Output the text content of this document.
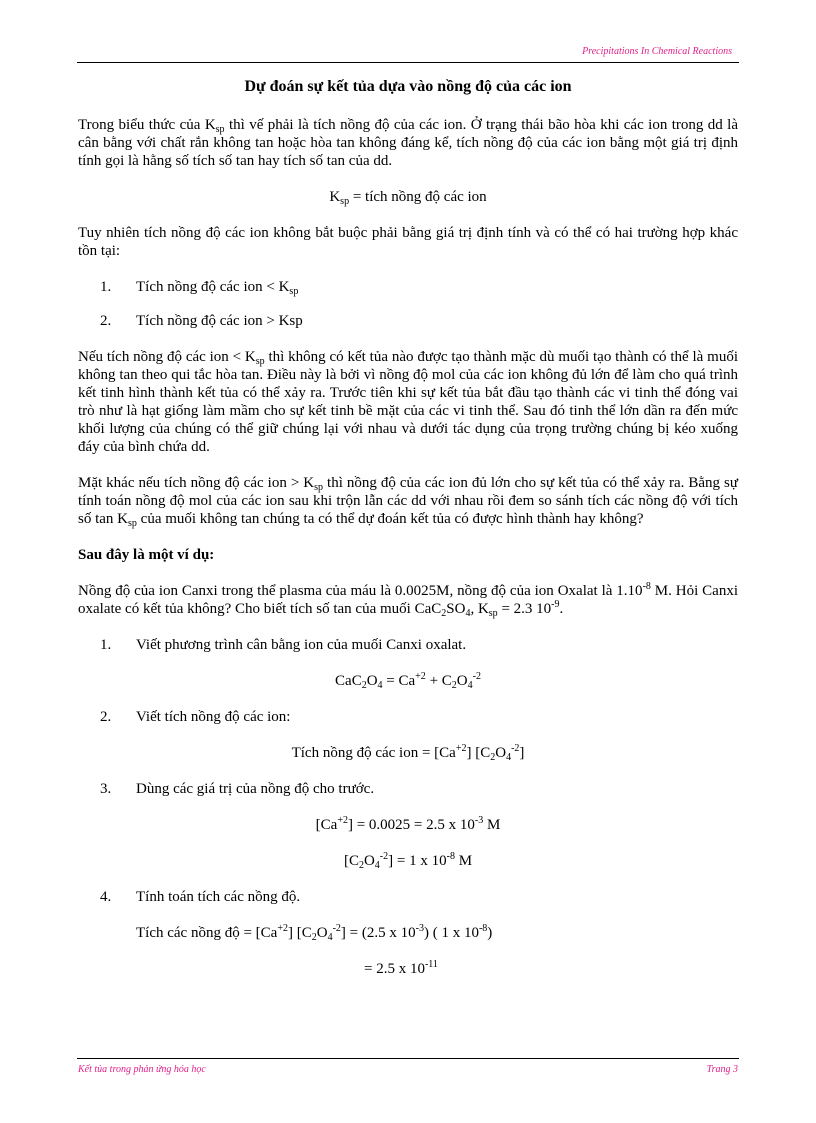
Precipitations In Chemical Reactions
Dự đoán sự kết tủa dựa vào nồng độ của các ion

Trong biểu thức của $K_{sp}$ thì vế phải là tích nồng độ của các ion. Ở trạng thái bão hòa khi các ion trong dd là cân bằng với chất rắn không tan hoặc hòa tan không đáng kể, tích nồng độ của các ion bằng một giá trị định tính gọi là hằng số tích số tan hay tích số tan của dd.

$K_{sp}$ = tích nồng độ các ion

Tuy nhiên tích nồng độ các ion không bắt buộc phải bằng giá trị định tính và có thể có hai trường hợp khác tồn tại:

1.	Tích nồng độ các ion < $K_{sp}$

2.	Tích nồng độ các ion > Ksp

Nếu tích nồng độ các ion < $K_{sp}$ thì không có kết tủa nào được tạo thành mặc dù muối tạo thành có thể là muối không tan theo qui tắc hòa tan. Điều này là bởi vì nồng độ mol của các ion không đủ lớn để làm cho quá trình kết tinh hình thành kết tủa có thể xảy ra. Trước tiên khi sự kết tủa bắt đầu tạo thành các vi tinh thể đóng vai trò như là hạt giống làm mầm cho sự kết tinh bề mặt của các vi tinh thể. Sau đó tinh thể lớn dần ra đến mức khối lượng của chúng có thể giữ chúng lại với nhau và dưới tác dụng của trọng trường chúng bị kéo xuống đáy của bình chứa dd.

Mặt khác nếu tích nồng độ các ion > $K_{sp}$ thì nồng độ của các ion đủ lớn cho sự kết tủa có thể xảy ra. Bằng sự tính toán nồng độ mol của các ion sau khi trộn lẫn các dd với nhau rồi đem so sánh tích các nồng độ với tích số $\tan K_{sp}$ của muối không tan chúng ta có thể dự đoán kết tủa có được hình thành hay không?

Sau đây là một ví dụ:

Nồng độ của ion Canxi trong thể plasma của máu là 0.0025M, nồng độ của ion Oxalat là $1.10^{-8}$ M. Hỏi Canxi oxalate có kết tủa không? Cho biết tích số tan của muối $CaC_2SO_4$, $K_{sp} = 2.3$ $10^{-9}$.

1.	Viết phương trình cân bằng ion của muối Canxi oxalat.

$CaC_2O_4 = Ca^{+2} + C_2O_4^{-2}$

2.	Viết tích nồng độ các ion:

Tích nồng độ các ion = $[Ca^{+2}]$ $[C_2O_4^{-2}]$

3.	Dùng các giá trị của nồng độ cho trước.

$[Ca^{+2}] = 0.0025 = 2.5$ x $10^{-3}$ M

$[C_2O_4^{-2}] = 1$ x $10^{-8}$ M

4.	Tính toán tích các nồng độ.

Tích các nồng độ = $[Ca^{+2}] [C_2O_4^{-2}] = (2.5$ x $10^{-3}$) ( 1 x $10^{-8}$)

= 2.5 x $10^{-11}$

Kết tủa trong phản ứng hóa học	Trang 3
